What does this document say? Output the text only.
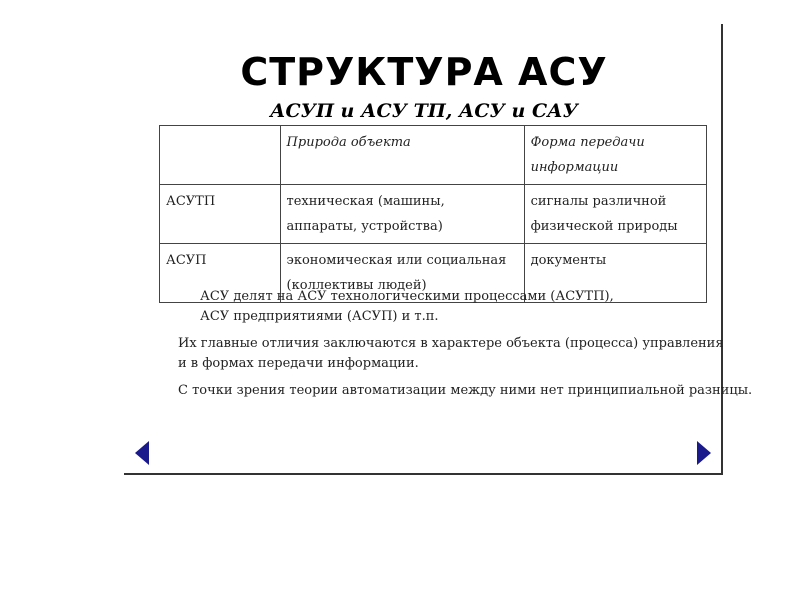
СТРУКТУРА АСУ
АСУП и АСУ ТП, АСУ и САУ
	Природа объекта	Форма передачи информации
АСУТП	техническая (машины, аппараты, устройства)	сигналы различной физической природы
АСУП	экономическая или социальная (коллективы людей)	документы
АСУ делят на АСУ технологическими процессами (АСУТП),
АСУ предприятиями (АСУП) и т.п.
Их главные отличия заключаются в характере объекта (процесса) управления
и в формах передачи информации.
С точки зрения теории автоматизации между ними нет принципиальной разницы.
